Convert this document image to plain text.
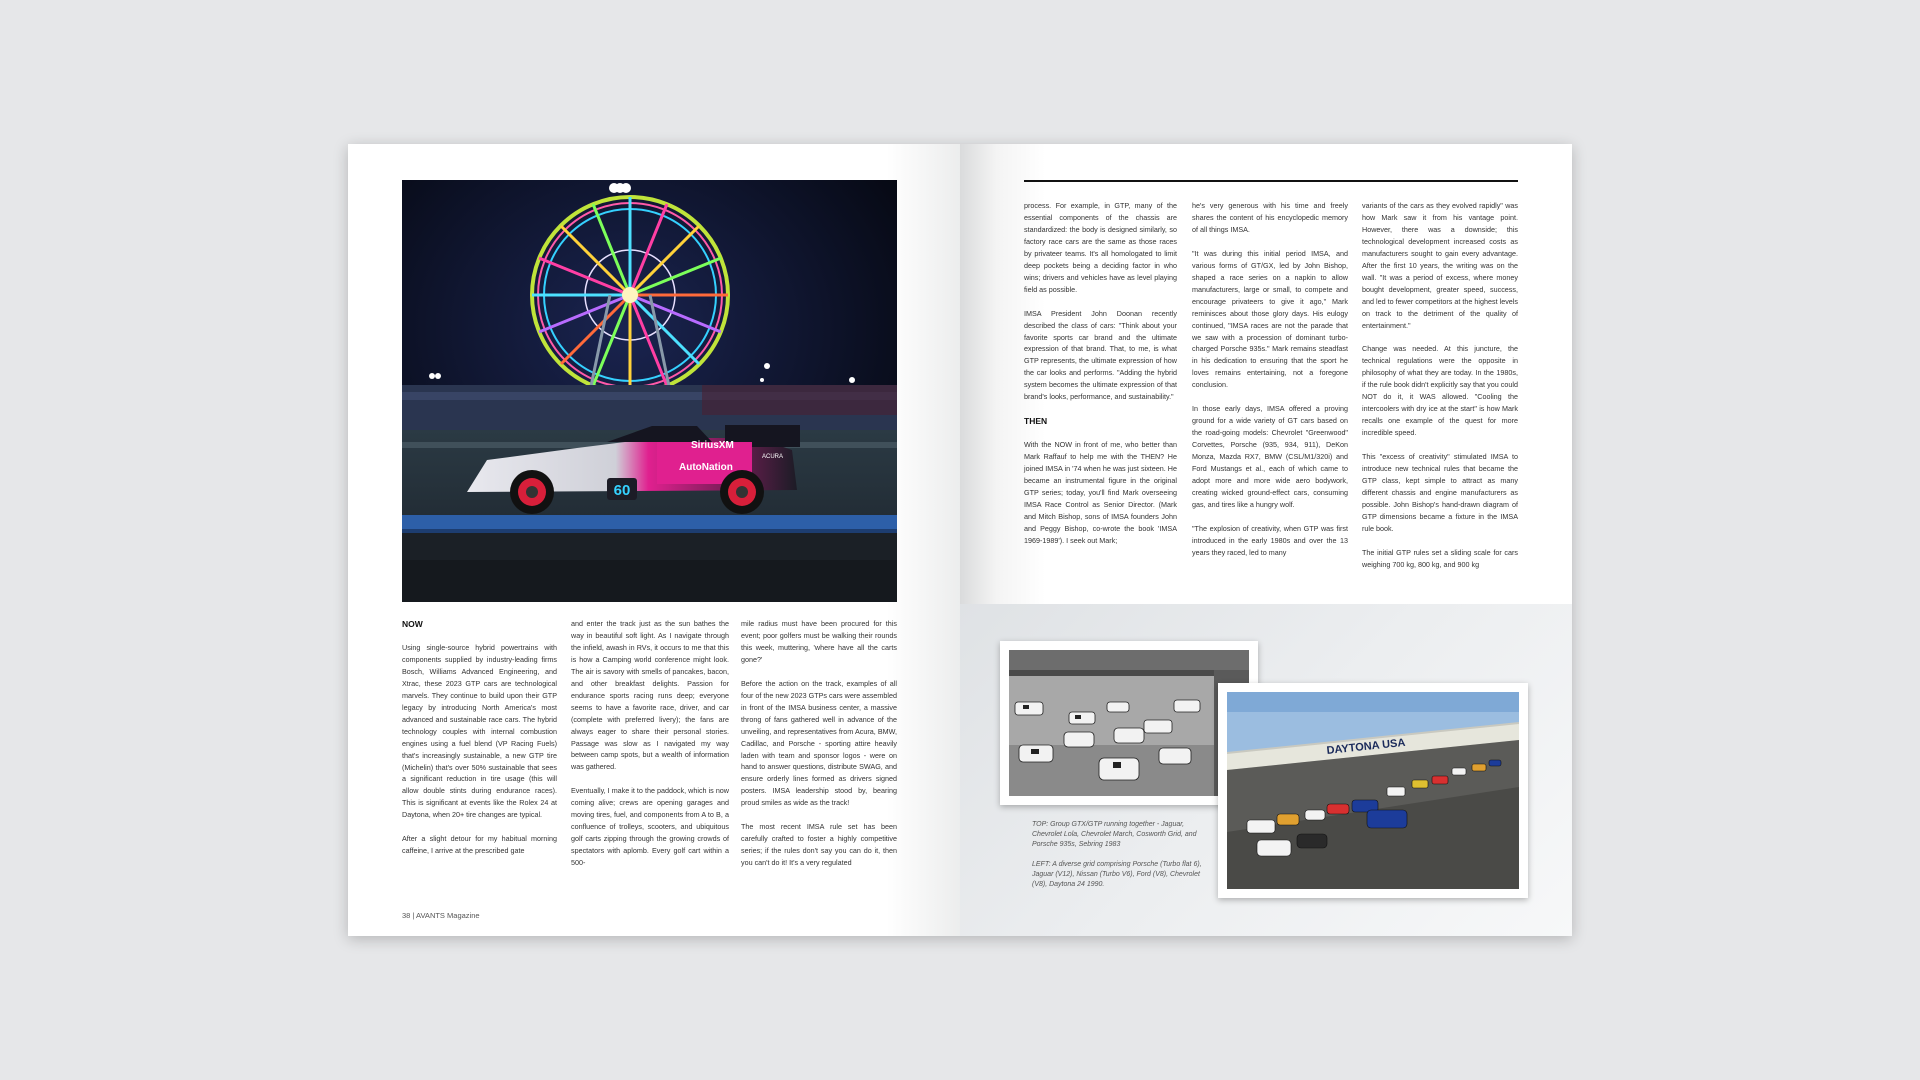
60
SiriusXM
AutoNation
ACURA
NOW

Using single-source hybrid powertrains with components supplied by industry-leading firms Bosch, Williams Advanced Engineering, and Xtrac, these 2023 GTP cars are technological marvels. They continue to build upon their GTP legacy by introducing North America's most advanced and sustainable race cars. The hybrid technology couples with internal combustion engines using a fuel blend (VP Racing Fuels) that's increasingly sustainable, a new GTP tire (Michelin) that's over 50% sustainable that sees a significant reduction in tire usage (this will allow double stints during endurance races). This is significant at events like the Rolex 24 at Daytona, when 20+ tire changes are typical.

After a slight detour for my habitual morning caffeine, I arrive at the prescribed gate

and enter the track just as the sun bathes the way in beautiful soft light. As I navigate through the infield, awash in RVs, it occurs to me that this is how a Camping world conference might look. The air is savory with smells of pancakes, bacon, and other breakfast delights. Passion for endurance sports racing runs deep; everyone seems to have a favorite race, driver, and car (complete with preferred livery); the fans are always eager to share their personal stories. Passage was slow as I navigated my way between camp spots, but a wealth of information was gathered.

Eventually, I make it to the paddock, which is now coming alive; crews are opening garages and moving tires, fuel, and components from A to B, a confluence of trolleys, scooters, and ubiquitous golf carts zipping through the growing crowds of spectators with aplomb. Every golf cart within a 500-

mile radius must have been procured for this event; poor golfers must be walking their rounds this week, muttering, 'where have all the carts gone?'

Before the action on the track, examples of all four of the new 2023 GTPs cars were assembled in front of the IMSA business center, a massive throng of fans gathered well in advance of the unveiling, and representatives from Acura, BMW, Cadillac, and Porsche - sporting attire heavily laden with team and sponsor logos - were on hand to answer questions, distribute SWAG, and ensure orderly lines formed as drivers signed posters. IMSA leadership stood by, bearing proud smiles as wide as the track!

The most recent IMSA rule set has been carefully crafted to foster a highly competitive series; if the rules don't say you can do it, then you can't do it! It's a very regulated

38 | AVANTS Magazine

process. For example, in GTP, many of the essential components of the chassis are standardized: the body is designed similarly, so factory race cars are the same as those races by privateer teams. It's all homologated to limit deep pockets being a deciding factor in who wins; drivers and vehicles have as level playing field as possible.

IMSA President John Doonan recently described the class of cars: "Think about your favorite sports car brand and the ultimate expression of that brand. That, to me, is what GTP represents, the ultimate expression of how the car looks and performs. "Adding the hybrid system becomes the ultimate expression of that brand's looks, performance, and sustainability."

THEN

With the NOW in front of me, who better than Mark Raffauf to help me with the THEN? He joined IMSA in '74 when he was just sixteen. He became an instrumental figure in the original GTP series; today, you'll find Mark overseeing IMSA Race Control as Senior Director. (Mark and Mitch Bishop, sons of IMSA founders John and Peggy Bishop, co-wrote the book 'IMSA 1969-1989'). I seek out Mark;

he's very generous with his time and freely shares the content of his encyclopedic memory of all things IMSA.

"It was during this initial period IMSA, and various forms of GT/GX, led by John Bishop, shaped a race series on a napkin to allow manufacturers, large or small, to compete and encourage privateers to give it ago," Mark reminisces about those glory days. His eulogy continued, "IMSA races are not the parade that we saw with a procession of dominant turbo-charged Porsche 935s." Mark remains steadfast in his dedication to ensuring that the sport he loves remains entertaining, not a foregone conclusion.

In those early days, IMSA offered a proving ground for a wide variety of GT cars based on the road-going models: Chevrolet "Greenwood" Corvettes, Porsche (935, 934, 911), DeKon Monza, Mazda RX7, BMW (CSL/M1/320i) and Ford Mustangs et al., each of which came to adopt more and more wide aero bodywork, creating wicked ground-effect cars, consuming gas, and tires like a hungry wolf.

"The explosion of creativity, when GTP was first introduced in the early 1980s and over the 13 years they raced, led to many

variants of the cars as they evolved rapidly" was how Mark saw it from his vantage point. However, there was a downside; this technological development increased costs as manufacturers sought to gain every advantage. After the first 10 years, the writing was on the wall. "It was a period of excess, where money bought development, greater speed, success, and led to fewer competitors at the highest levels on track to the detriment of the quality of entertainment."

Change was needed. At this juncture, the technical regulations were the opposite in philosophy of what they are today. In the 1980s, if the rule book didn't explicitly say that you could NOT do it, it WAS allowed. "Cooling the intercoolers with dry ice at the start" is how Mark recalls one example of the quest for more incredible speed.

This "excess of creativity" stimulated IMSA to introduce new technical rules that became the GTP class, kept simple to attract as many different chassis and engine manufacturers as possible. John Bishop's hand-drawn diagram of GTP dimensions became a fixture in the IMSA rule book.

The initial GTP rules set a sliding scale for cars weighing 700 kg, 800 kg, and 900 kg

DAYTONA USA

TOP: Group GTX/GTP running together - Jaguar, Chevrolet Lola, Chevrolet March, Cosworth Grid, and Porsche 935s, Sebring 1983

LEFT: A diverse grid comprising Porsche (Turbo flat 6), Jaguar (V12), Nissan (Turbo V6), Ford (V8), Chevrolet (V8), Daytona 24 1990.
